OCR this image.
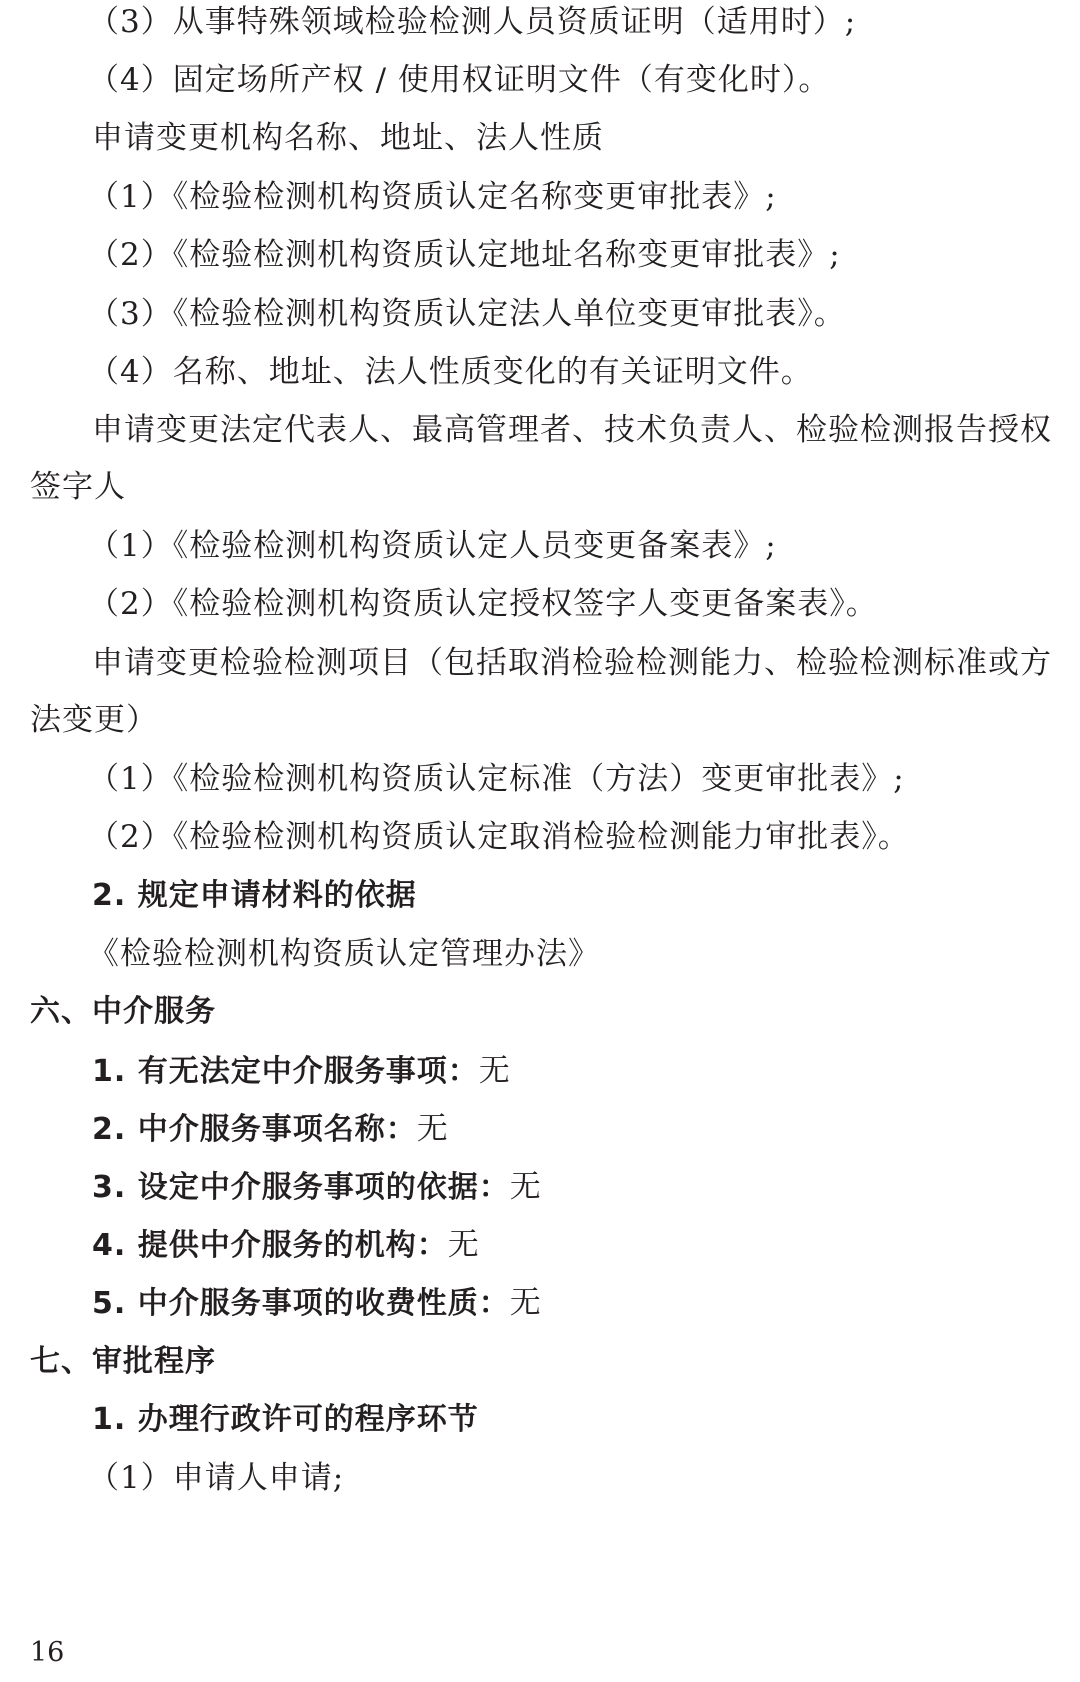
（3）从事特殊领域检验检测人员资质证明（适用时）;
（4）固定场所产权 / 使用权证明文件（有变化时）。
申请变更机构名称、地址、法人性质
（1）《检验检测机构资质认定名称变更审批表》;
（2）《检验检测机构资质认定地址名称变更审批表》;
（3）《检验检测机构资质认定法人单位变更审批表》。
（4）名称、地址、法人性质变化的有关证明文件。
申请变更法定代表人、最高管理者、技术负责人、检验检测报告授权
签字人
（1）《检验检测机构资质认定人员变更备案表》;
（2）《检验检测机构资质认定授权签字人变更备案表》。
申请变更检验检测项目（包括取消检验检测能力、检验检测标准或方
法变更）
（1）《检验检测机构资质认定标准（方法）变更审批表》;
（2）《检验检测机构资质认定取消检验检测能力审批表》。
2. 规定申请材料的依据
《检验检测机构资质认定管理办法》
六、中介服务
1. 有无法定中介服务事项：无
2. 中介服务事项名称：无
3. 设定中介服务事项的依据：无
4. 提供中介服务的机构：无
5. 中介服务事项的收费性质：无
七、审批程序
1. 办理行政许可的程序环节
（1）申请人申请;
16
